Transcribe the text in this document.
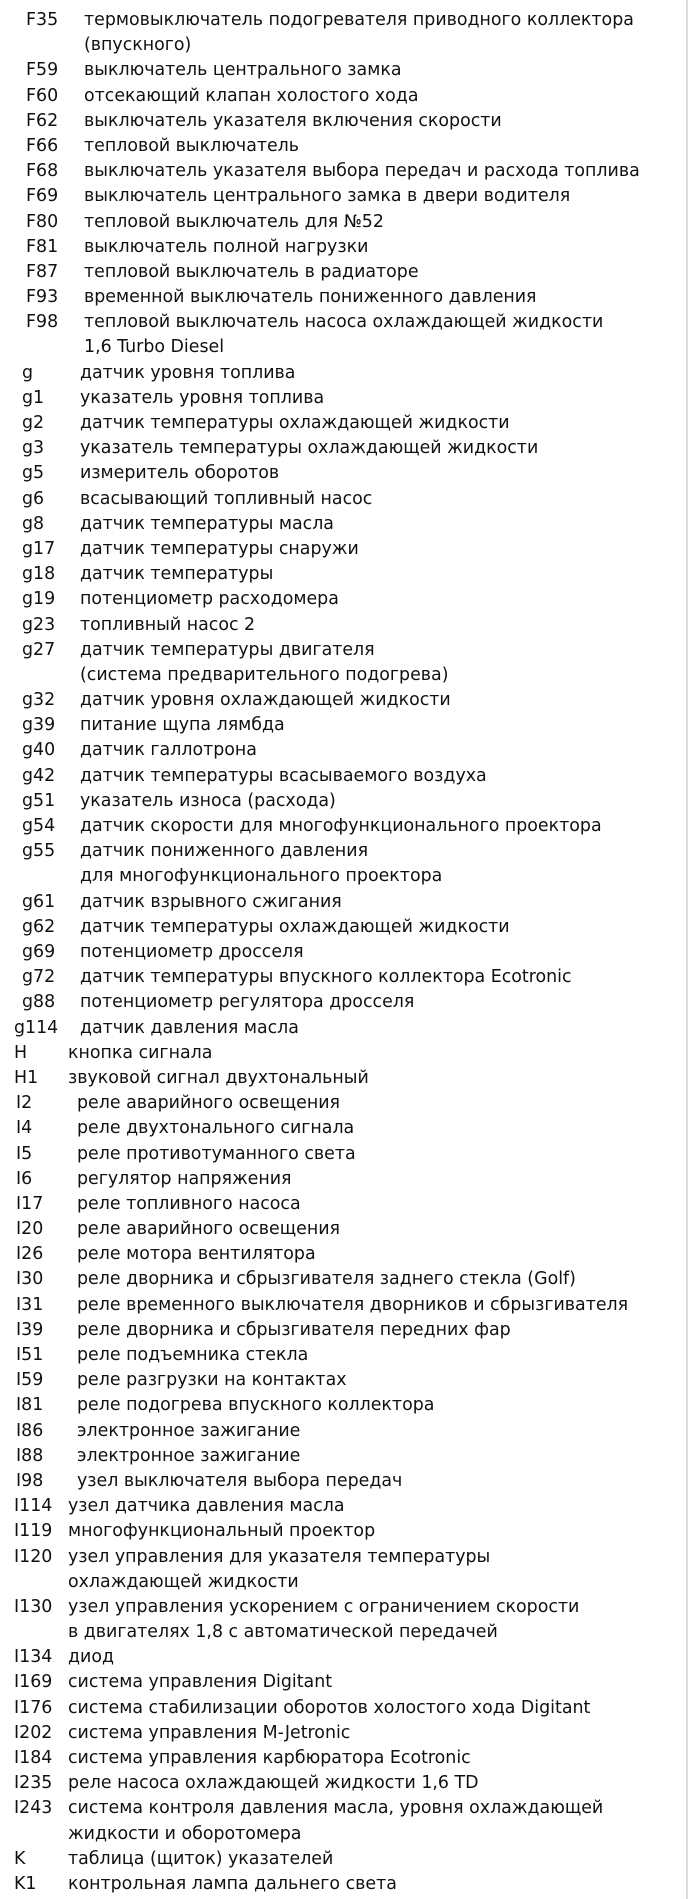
F35 термовыключатель подогревателя приводного коллектора
(впускного)
F59 выключатель центрального замка
F60 отсекающий клапан холостого хода
F62 выключатель указателя включения скорости
F66 тепловой выключатель
F68 выключатель указателя выбора передач и расхода топлива
F69 выключатель центрального замка в двери водителя
F80 тепловой выключатель для №52
F81 выключатель полной нагрузки
F87 тепловой выключатель в радиаторе
F93 временной выключатель пониженного давления
F98 тепловой выключатель насоса охлаждающей жидкости
1,6 Turbo Diesel
g	датчик уровня топлива
g1 указатель уровня топлива
g2 датчик температуры охлаждающей жидкости
g3 указатель температуры охлаждающей жидкости
g5 измеритель оборотов
g6 всасывающий топливный насос
g8 датчик температуры масла
g17 датчик температуры снаружи
g18 датчик температуры
g19 потенциометр расходомера
g23 топливный насос 2
g27 датчик температуры двигателя
(система предварительного подогрева)
g32 датчик уровня охлаждающей жидкости
g39 питание щупа лямбда
g40 датчик галлотрона
g42 датчик температуры всасываемого воздуха
g51 указатель износа (расхода)
g54 датчик скорости для многофункционального проектора
g55 датчик пониженного давления
для многофункционального проектора
g61 датчик взрывного сжигания
g62 датчик температуры охлаждающей жидкости
g69 потенциометр дросселя
g72 датчик температуры впускного коллектора Ecotronic
g88 потенциометр регулятора дросселя
g114 датчик давления масла
H кнопка сигнала
H1 звуковой сигнал двухтональный
I2	реле аварийного освещения
I4	реле двухтонального сигнала
I5	реле противотуманного света
I6	регулятор напряжения
I17 реле топливного насоса
I20 реле аварийного освещения
I26 реле мотора вентилятора
I30 реле дворника и сбрызгивателя заднего стекла (Golf)
I31 реле временного выключателя дворников и сбрызгивателя
I39 реле дворника и сбрызгивателя передних фар
I51 реле подъемника стекла
I59 реле разгрузки на контактах
I81 реле подогрева впускного коллектора
I86 электронное зажигание
I88 электронное зажигание
I98 узел выключателя выбора передач
I114 узел датчика давления масла
I119 многофункциональный проектор
I120 узел управления для указателя температуры
охлаждающей жидкости
I130 узел управления ускорением с ограничением скорости
в двигателях 1,8 с автоматической передачей
I134 диод
I169 система управления Digitant
I176 система стабилизации оборотов холостого хода Digitant
I202 система управления M-Jetronic
I184 система управления карбюратора Ecotronic
I235 реле насоса охлаждающей жидкости 1,6 TD
I243 система контроля давления масла, уровня охлаждающей
жидкости и оборотомера
K таблица (щиток) указателей
K1 контрольная лампа дальнего света
